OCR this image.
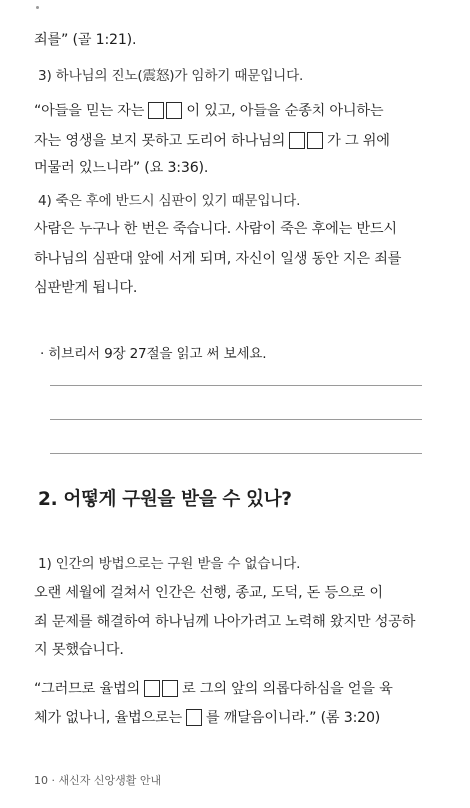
죄를” (골 1:21).
3) 하나님의 진노(震怒)가 임하기 때문입니다.
“아들을 믿는 자는	이 있고, 아들을 순종치 아니하는
자는 영생을 보지 못하고 도리어 하나님의	가 그 위에
머물러 있느니라” (요 3:36).
4) 죽은 후에 반드시 심판이 있기 때문입니다.
사람은 누구나 한 번은 죽습니다. 사람이 죽은 후에는 반드시
하나님의 심판대 앞에 서게 되며, 자신이 일생 동안 지은 죄를
심판받게 됩니다.
· 히브리서 9장 27절을 읽고 써 보세요.
2. 어떻게 구원을 받을 수 있나?
1) 인간의 방법으로는 구원 받을 수 없습니다.
오랜 세월에 걸쳐서 인간은 선행, 종교, 도덕, 돈 등으로 이
죄 문제를 해결하여 하나님께 나아가려고 노력해 왔지만 성공하
지 못했습니다.
“그러므로 율법의	로 그의 앞의 의롭다하심을 얻을 육
체가 없나니, 율법으로는 를 깨달음이니라.” (롬 3:20)
10 · 새신자 신앙생활 안내
